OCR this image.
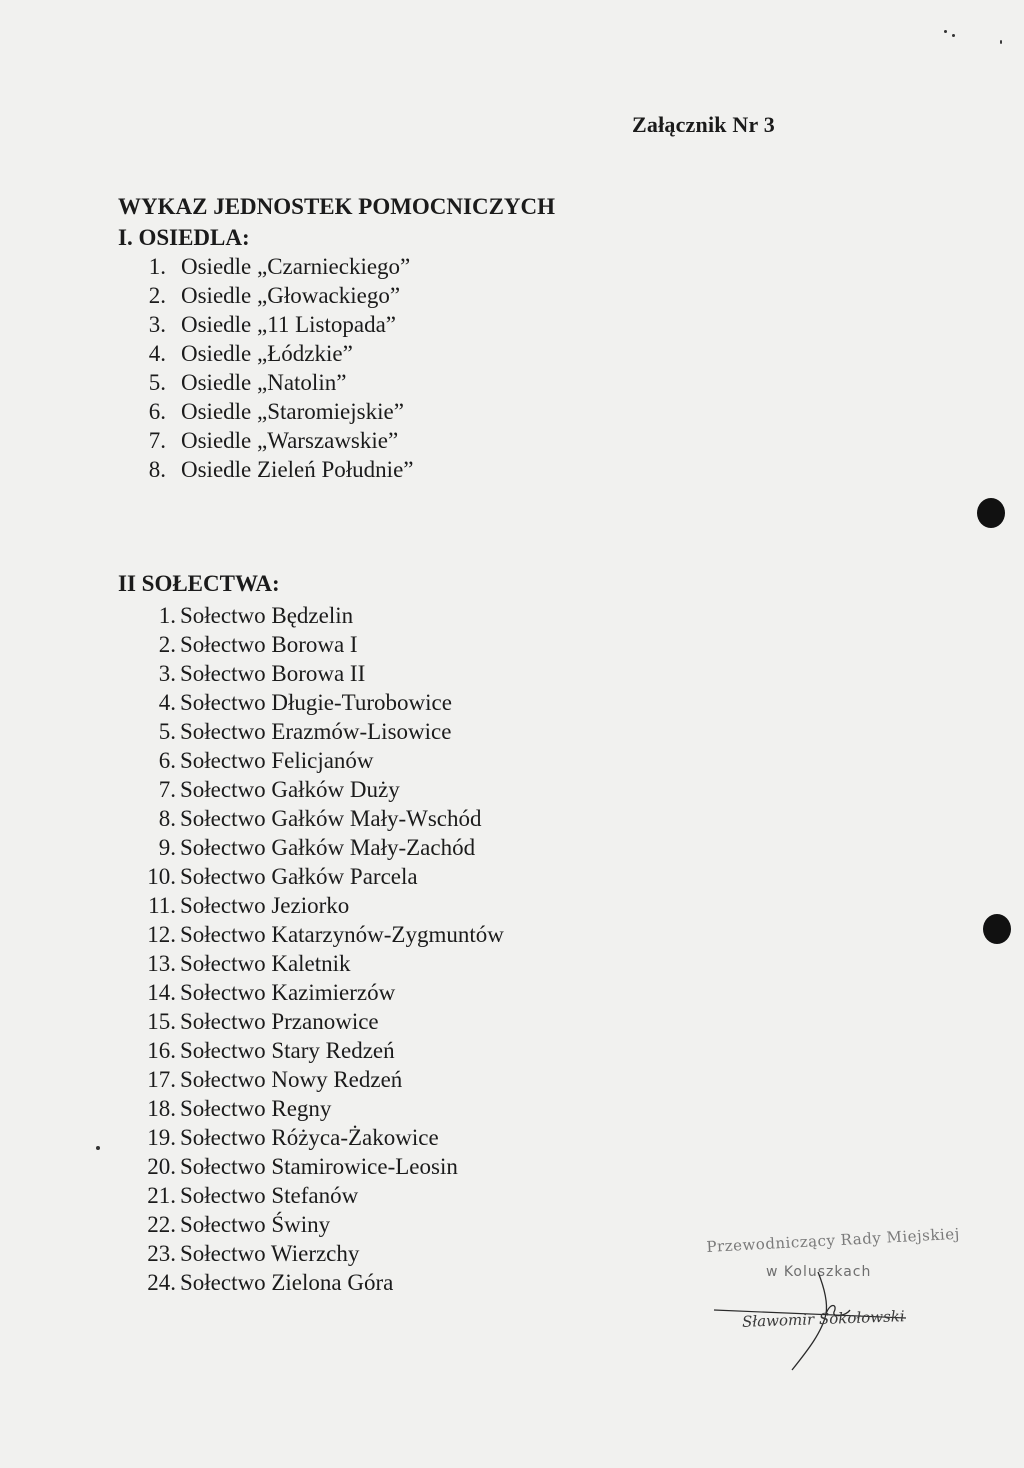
Załącznik Nr 3
WYKAZ JEDNOSTEK POMOCNICZYCH
I. OSIEDLA:
1. Osiedle „Czarnieckiego”
2. Osiedle „Głowackiego”
3. Osiedle „11 Listopada”
4. Osiedle „Łódzkie”
5. Osiedle „Natolin”
6. Osiedle „Staromiejskie”
7. Osiedle „Warszawskie”
8. Osiedle Zieleń Południe”
II SOŁECTWA:
1. Sołectwo Będzelin
2. Sołectwo Borowa I
3. Sołectwo Borowa II
4. Sołectwo Długie-Turobowice
5. Sołectwo Erazmów-Lisowice
6. Sołectwo Felicjanów
7. Sołectwo Gałków Duży
8. Sołectwo Gałków Mały-Wschód
9. Sołectwo Gałków Mały-Zachód
10. Sołectwo Gałków Parcela
11. Sołectwo Jeziorko
12. Sołectwo Katarzynów-Zygmuntów
13. Sołectwo Kaletnik
14. Sołectwo Kazimierzów
15. Sołectwo Przanowice
16. Sołectwo Stary Redzeń
17. Sołectwo Nowy Redzeń
18. Sołectwo Regny
19. Sołectwo Różyca-Żakowice
20. Sołectwo Stamirowice-Leosin
21. Sołectwo Stefanów
22. Sołectwo Świny
23. Sołectwo Wierzchy
24. Sołectwo Zielona Góra
Przewodniczący Rady Miejskiej
w Koluszkach
Sławomir Sokołowski
